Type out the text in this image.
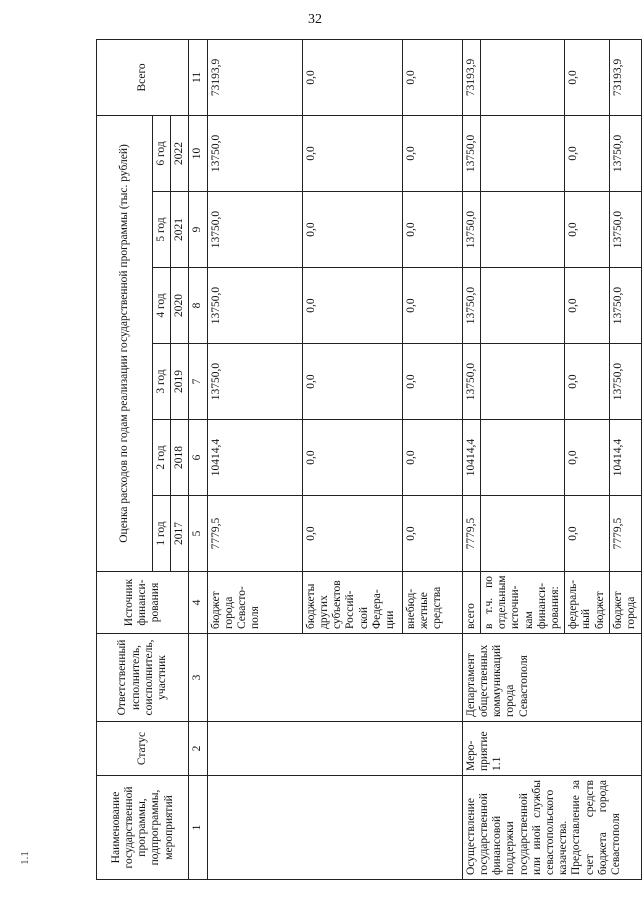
32
Наименование государственной программы, подпрограммы, мероприятий	Статус	Ответственный исполнитель, соисполнитель, участник	Источник финанси-рования	Оценка расходов по годам реализации государственной программы (тыс. рублей)						Всего
				1 год	2 год	3 год	4 год	5 год	6 год	
				2017	2018	2019	2020	2021	2022	
1	2	3	4	5	6	7	8	9	10	11
			бюджет города Севасто-поля	7779,5	10414,4	13750,0	13750,0	13750,0	13750,0	73193,9
			бюджеты других субъектов Россий-ской Федера-ции	0,0	0,0	0,0	0,0	0,0	0,0	0,0
			внебюд-жетные средства	0,0	0,0	0,0	0,0	0,0	0,0	0,0
Осуществление государственной финансовой поддержки государственной или иной службы севастопольского казачества. Предоставление за счет средств бюджета города Севастополя	Меро-приятие 1.1	Департамент общественных коммуникаций города Севастополя	всего	7779,5	10414,4	13750,0	13750,0	13750,0	13750,0	73193,9
			в т.ч. по отдельным источни-кам финанси-рования:							
			федераль-ный бюджет	0,0	0,0	0,0	0,0	0,0	0,0	0,0
			бюджет города	7779,5	10414,4	13750,0	13750,0	13750,0	13750,0	73193,9
1.1
